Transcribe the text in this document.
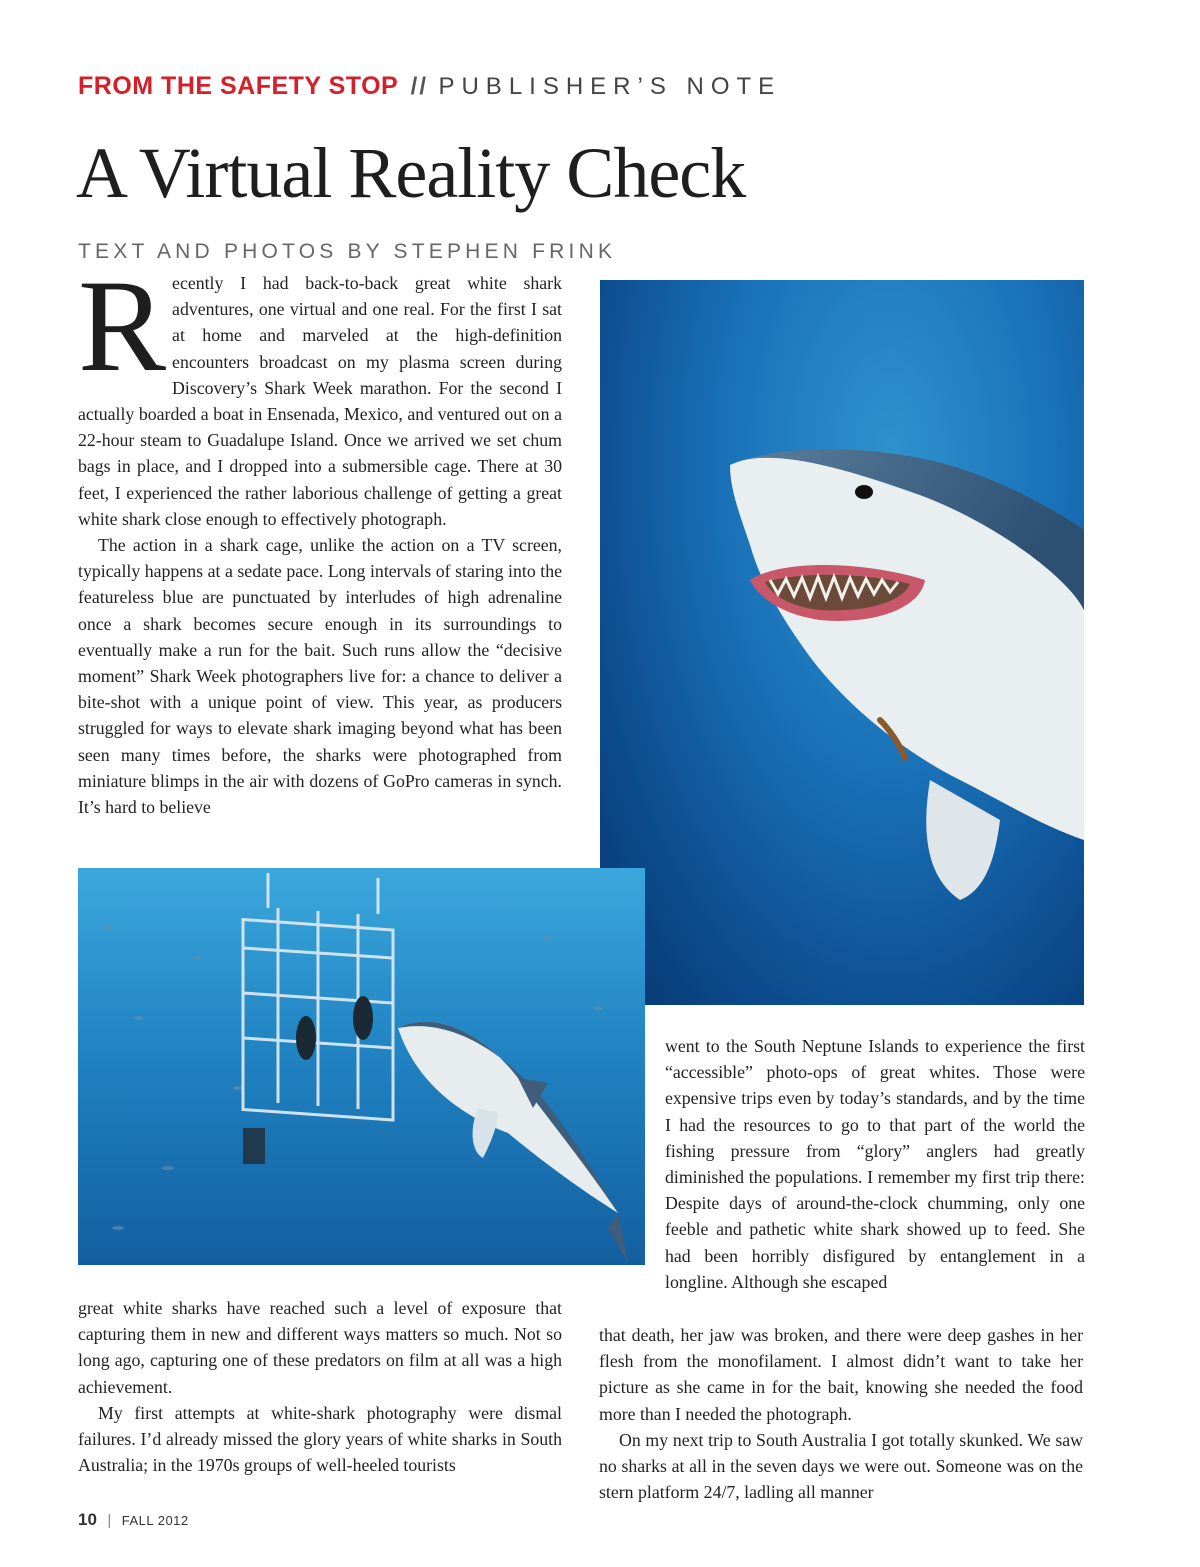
FROM THE SAFETY STOP // PUBLISHER’S NOTE
A Virtual Reality Check
TEXT AND PHOTOS BY STEPHEN FRINK

Recently I had back-to-back great white shark adventures, one virtual and one real. For the first I sat at home and marveled at the high-definition encounters broadcast on my plasma screen during Discovery’s Shark Week marathon. For the second I actually boarded a boat in Ensenada, Mexico, and ventured out on a 22-hour steam to Guadalupe Island. Once we arrived we set chum bags in place, and I dropped into a submersible cage. There at 30 feet, I experienced the rather laborious challenge of getting a great white shark close enough to effectively photograph.

The action in a shark cage, unlike the action on a TV screen, typically happens at a sedate pace. Long intervals of staring into the featureless blue are punctuated by interludes of high adrenaline once a shark becomes secure enough in its surroundings to eventually make a run for the bait. Such runs allow the “decisive moment” Shark Week photographers live for: a chance to deliver a bite-shot with a unique point of view. This year, as producers struggled for ways to elevate shark imaging beyond what has been seen many times before, the sharks were photographed from miniature blimps in the air with dozens of GoPro cameras in synch. It’s hard to believe

great white sharks have reached such a level of exposure that capturing them in new and different ways matters so much. Not so long ago, capturing one of these predators on film at all was a high achievement.

My first attempts at white-shark photography were dismal failures. I’d already missed the glory years of white sharks in South Australia; in the 1970s groups of well-heeled tourists

went to the South Neptune Islands to experience the first “accessible” photo-ops of great whites. Those were expensive trips even by today’s standards, and by the time I had the resources to go to that part of the world the fishing pressure from “glory” anglers had greatly diminished the populations. I remember my first trip there: Despite days of around-the-clock chumming, only one feeble and pathetic white shark showed up to feed. She had been horribly disfigured by entanglement in a longline. Although she escaped

that death, her jaw was broken, and there were deep gashes in her flesh from the monofilament. I almost didn’t want to take her picture as she came in for the bait, knowing she needed the food more than I needed the photograph.

On my next trip to South Australia I got totally skunked. We saw no sharks at all in the seven days we were out. Someone was on the stern platform 24/7, ladling all manner

10 | FALL 2012
